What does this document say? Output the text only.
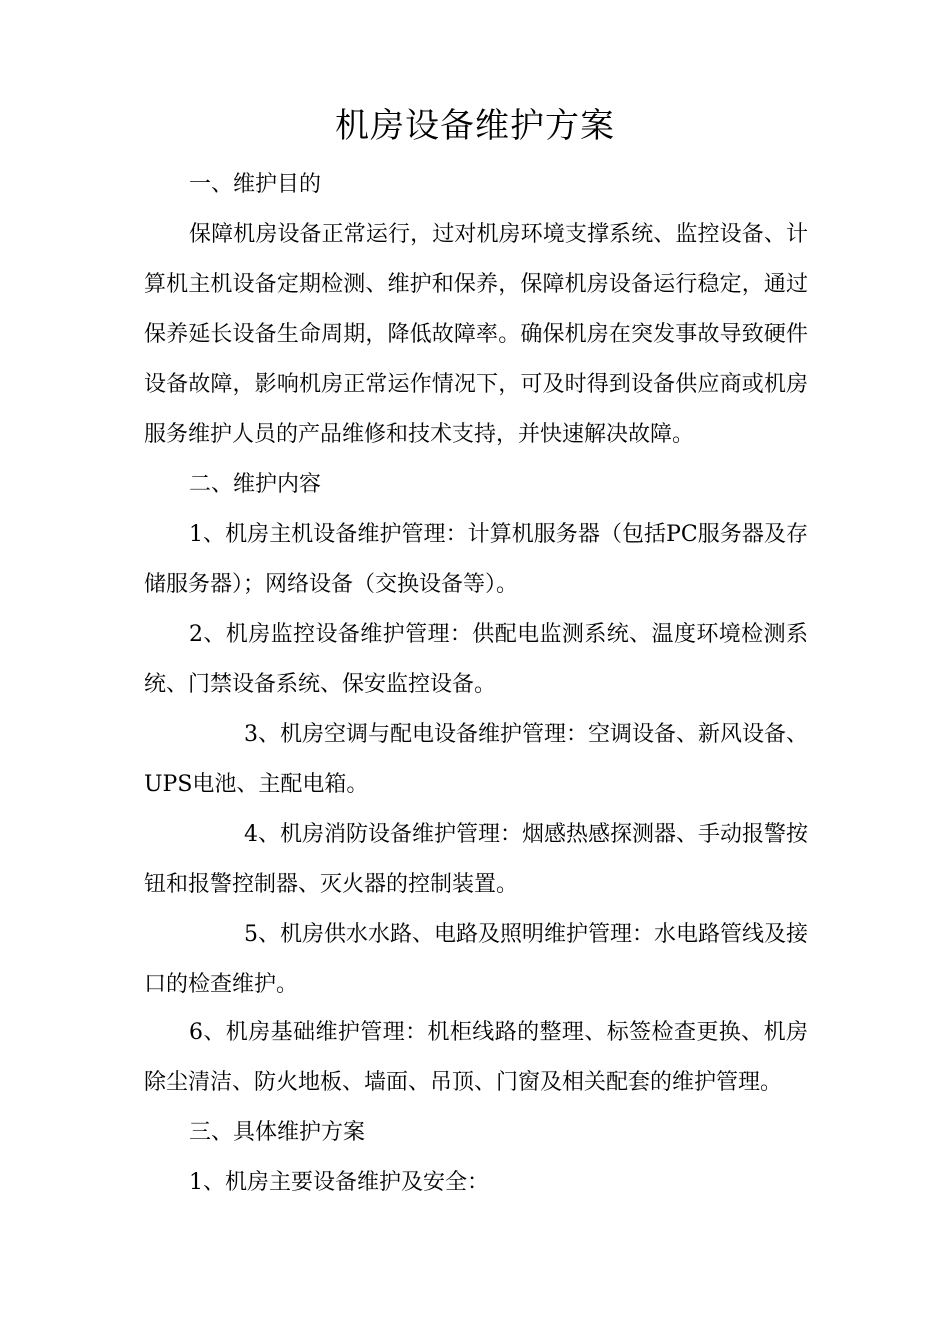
机房设备维护方案

一、维护目的

保障机房设备正常运行，过对机房环境支撑系统、监控设备、计算机主机设备定期检测、维护和保养，保障机房设备运行稳定，通过保养延长设备生命周期，降低故障率。确保机房在突发事故导致硬件设备故障，影响机房正常运作情况下，可及时得到设备供应商或机房服务维护人员的产品维修和技术支持，并快速解决故障。

二、维护内容

1、机房主机设备维护管理：计算机服务器（包括PC服务器及存储服务器）；网络设备（交换设备等）。

2、机房监控设备维护管理：供配电监测系统、温度环境检测系统、门禁设备系统、保安监控设备。

3、机房空调与配电设备维护管理：空调设备、新风设备、UPS电池、主配电箱。

4、机房消防设备维护管理：烟感热感探测器、手动报警按钮和报警控制器、灭火器的控制装置。

5、机房供水水路、电路及照明维护管理：水电路管线及接口的检查维护。

6、机房基础维护管理：机柜线路的整理、标签检查更换、机房除尘清洁、防火地板、墙面、吊顶、门窗及相关配套的维护管理。

三、具体维护方案

1、机房主要设备维护及安全：
